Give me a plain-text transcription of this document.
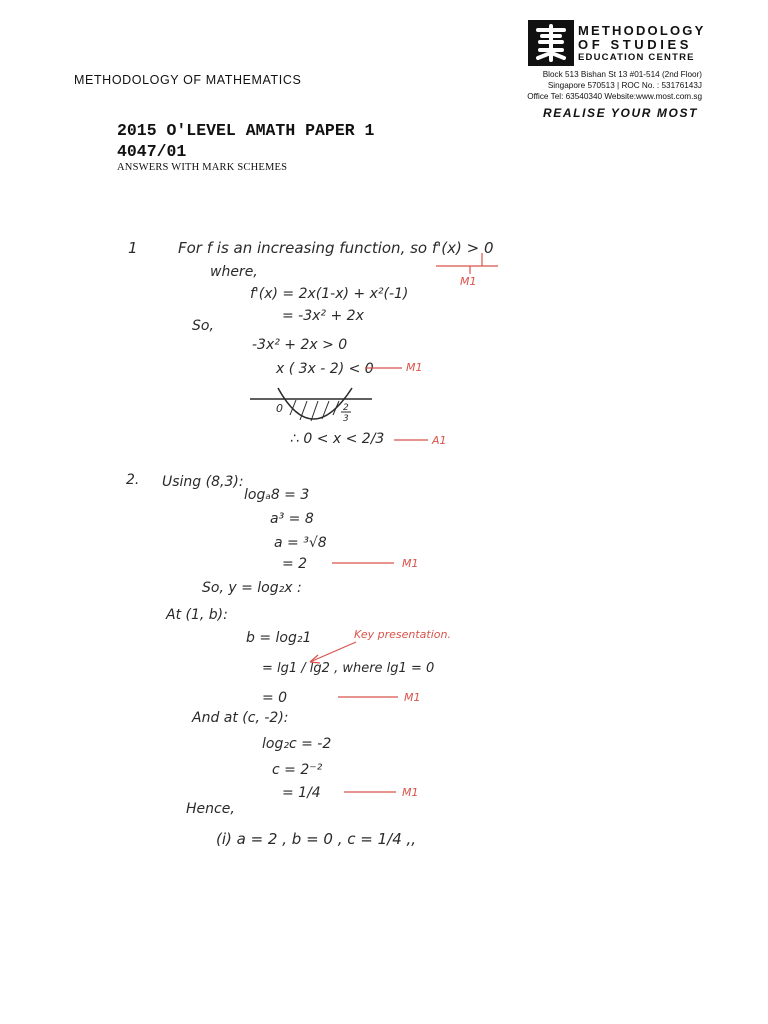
METHODOLOGY OF MATHEMATICS
METHODOLOGY
OF STUDIES
EDUCATION CENTRE
Block 513 Bishan St 13 #01-514 (2nd Floor)
Singapore 570513 | ROC No. : 53176143J
Office Tel: 63540340 Website:www.most.com.sg
REALISE YOUR MOST
2015 O'LEVEL AMATH PAPER 1
4047/01
ANSWERS WITH MARK SCHEMES
1	For f is an increasing function, so f'(x) > 0
where,
f'(x) = 2x(1-x) + x²(-1)
= -3x² + 2x
So,
-3x² + 2x > 0
x ( 3x - 2) < 0
0	2
3
∴ 0 < x < 2/3
M1
M1
A1
2. Using (8,3):
logₐ8 = 3
a³ = 8
a = ³√8
= 2	M1
So, y = log₂x :
At (1, b):
b = log₂1
= lg1 / lg2 , where lg1 = 0
= 0
Key presentation.
M1
And at (c, -2):
log₂c = -2
c = 2⁻²
= 1/4	M1
Hence,
(i) a = 2 , b = 0 , c = 1/4 ,,
